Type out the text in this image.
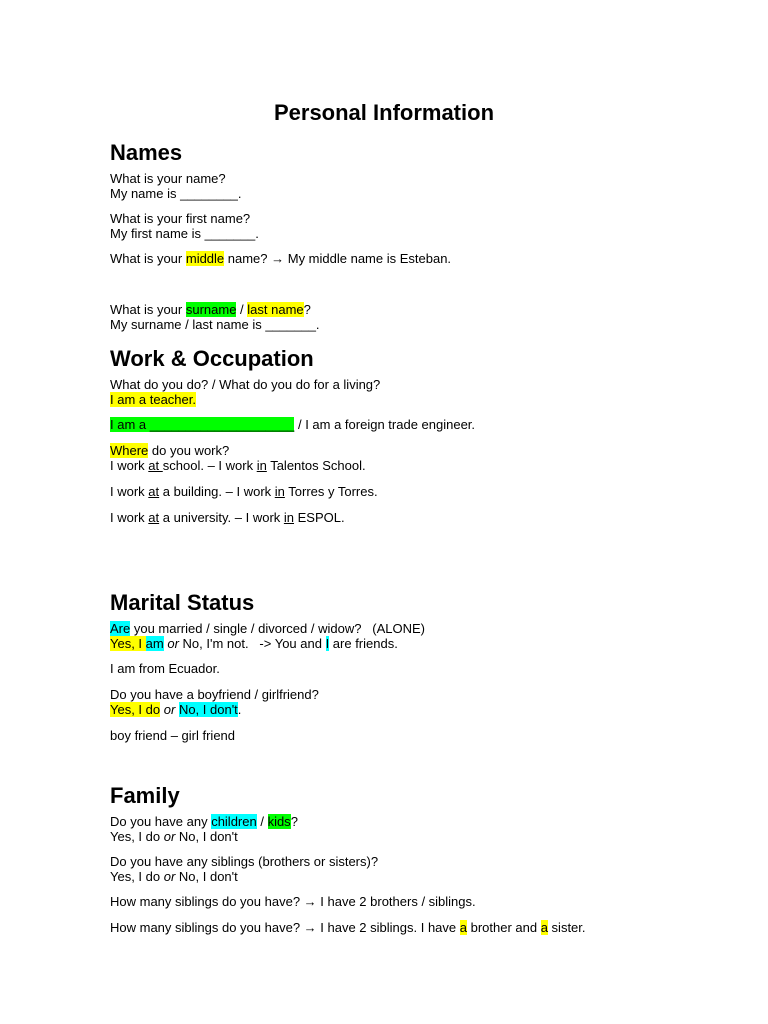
Personal Information
Names
What is your name?
My name is ________.
What is your first name?
My first name is _______.
What is your middle name? → My middle name is Esteban.
What is your surname / last name?
My surname / last name is _______.
Work & Occupation
What do you do? / What do you do for a living?
I am a teacher.
I am a ____________________ / I am a foreign trade engineer.
Where do you work?
I work at school. – I work in Talentos School.
I work at a building. – I work in Torres y Torres.
I work at a university. – I work in ESPOL.
Marital Status
Are you married / single / divorced / widow?   (ALONE)
Yes, I am or No, I'm not.   -> You and I are friends.
I am from Ecuador.
Do you have a boyfriend / girlfriend?
Yes, I do or No, I don't.
boy friend – girl friend
Family
Do you have any children / kids?
Yes, I do or No, I don't
Do you have any siblings (brothers or sisters)?
Yes, I do or No, I don't
How many siblings do you have? → I have 2 brothers / siblings.
How many siblings do you have? → I have 2 siblings. I have a brother and a sister.
